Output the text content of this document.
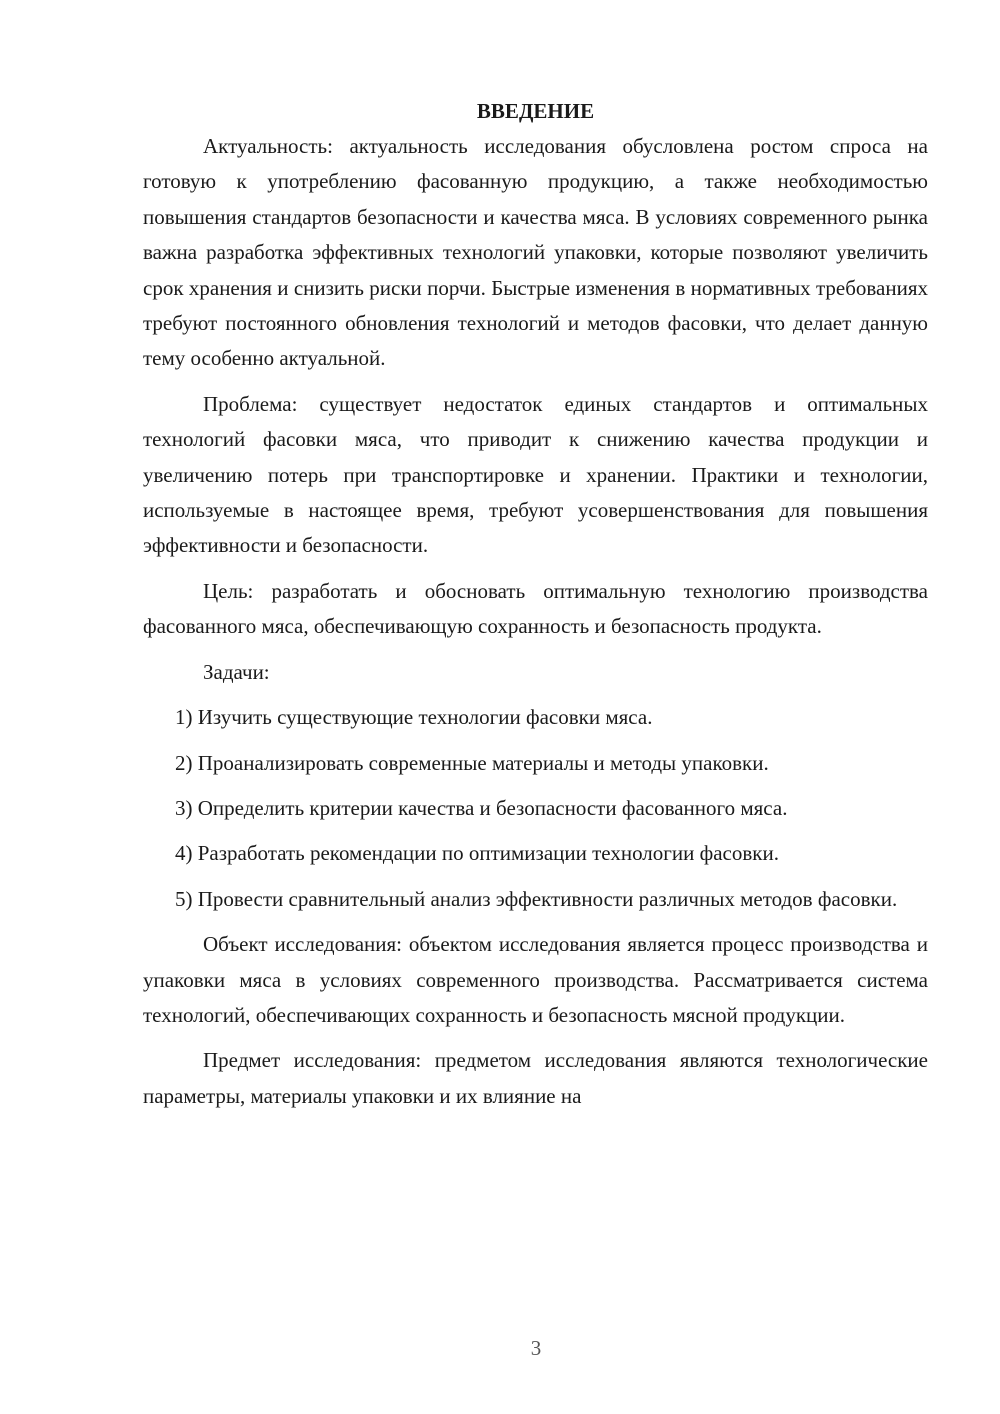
ВВЕДЕНИЕ

Актуальность: актуальность исследования обусловлена ростом спроса на готовую к употреблению фасованную продукцию, а также необходимостью повышения стандартов безопасности и качества мяса. В условиях современного рынка важна разработка эффективных технологий упаковки, которые позволяют увеличить срок хранения и снизить риски порчи. Быстрые изменения в нормативных требованиях требуют постоянного обновления технологий и методов фасовки, что делает данную тему особенно актуальной.

Проблема: существует недостаток единых стандартов и оптимальных технологий фасовки мяса, что приводит к снижению качества продукции и увеличению потерь при транспортировке и хранении. Практики и технологии, используемые в настоящее время, требуют усовершенствования для повышения эффективности и безопасности.

Цель: разработать и обосновать оптимальную технологию производства фасованного мяса, обеспечивающую сохранность и безопасность продукта.

Задачи:

1) Изучить существующие технологии фасовки мяса.

2) Проанализировать современные материалы и методы упаковки.

3) Определить критерии качества и безопасности фасованного мяса.

4) Разработать рекомендации по оптимизации технологии фасовки.

5) Провести сравнительный анализ эффективности различных методов фасовки.

Объект исследования: объектом исследования является процесс производства и упаковки мяса в условиях современного производства. Рассматривается система технологий, обеспечивающих сохранность и безопасность мясной продукции.

Предмет исследования: предметом исследования являются технологические параметры, материалы упаковки и их влияние на

3
